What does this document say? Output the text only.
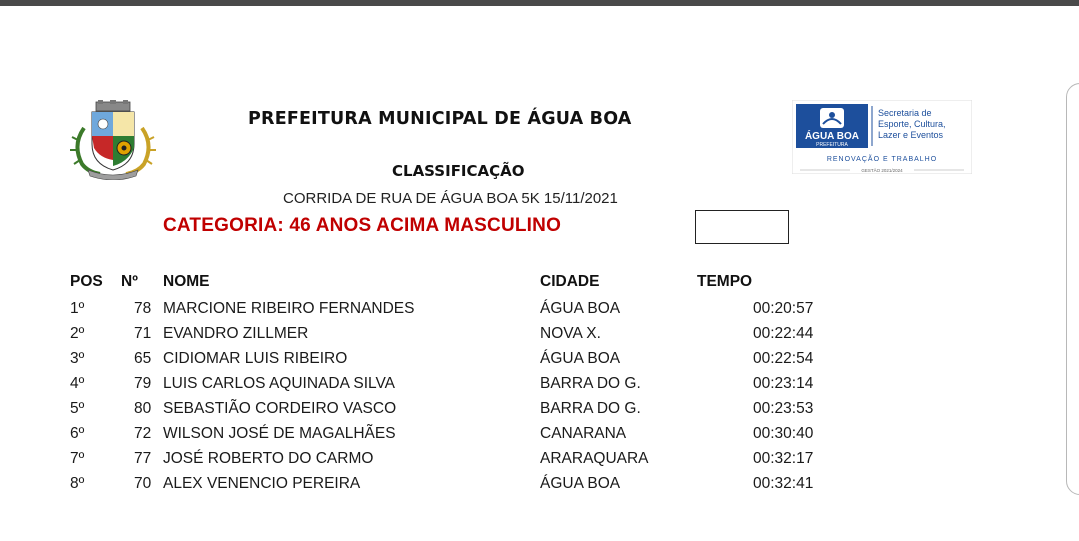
ÁGUA BOA
PREFEITURA
Secretaria de
Esporte, Cultura,
Lazer e Eventos
RENOVAÇÃO E TRABALHO
GESTÃO 2021/2024
PREFEITURA MUNICIPAL DE ÁGUA BOA
CLASSIFICAÇÃO
CORRIDA DE RUA DE ÁGUA BOA 5K 15/11/2021
CATEGORIA: 46 ANOS ACIMA MASCULINO
POS Nº NOME	CIDADE	TEMPO
1º	78 MARCIONE RIBEIRO FERNANDES	ÁGUA BOA	00:20:57
2º	71 EVANDRO ZILLMER	NOVA X.	00:22:44
3º	65 CIDIOMAR LUIS RIBEIRO	ÁGUA BOA	00:22:54
4º	79 LUIS CARLOS AQUINADA SILVA	BARRA DO G.	00:23:14
5º	80 SEBASTIÃO CORDEIRO VASCO	BARRA DO G.	00:23:53
6º	72 WILSON JOSÉ DE MAGALHÃES	CANARANA	00:30:40
7º	77 JOSÉ ROBERTO DO CARMO	ARARAQUARA	00:32:17
8º	70 ALEX VENENCIO PEREIRA	ÁGUA BOA	00:32:41
